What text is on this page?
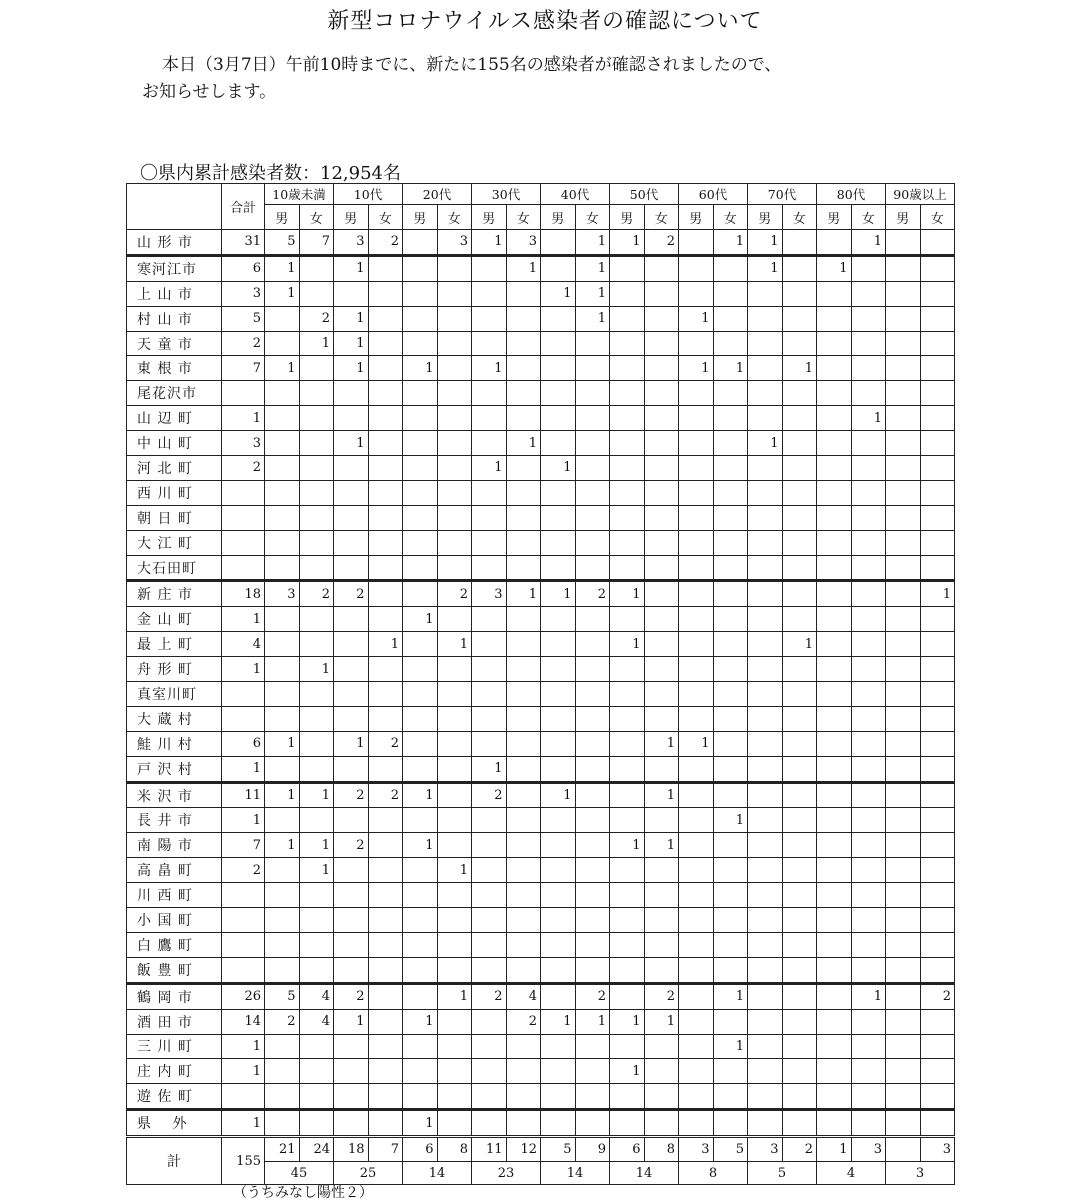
新型コロナウイルス感染者の確認について
本日（3月7日）午前10時までに、新たに155名の感染者が確認されましたので、
お知らせします。
〇県内累計感染者数：12,954名
	合計	10歳未満		10代		20代		30代		40代		50代		60代		70代		80代		90歳以上	
		男	女	男	女	男	女	男	女	男	女	男	女	男	女	男	女	男	女	男	女
山 形 市	31	5	7	3	2		3	1	3		1	1	2		1	1			1		
寒河江市	6	1		1					1		1					1		1			
上 山 市	3	1								1	1										
村 山 市	5		2	1							1			1							
天 童 市	2		1	1																	
東 根 市	7	1		1		1		1						1	1		1				
尾花沢市																					
山 辺 町	1																		1		
中 山 町	3			1					1							1					
河 北 町	2							1		1											
西 川 町																					
朝 日 町																					
大 江 町																					
大石田町																					
新 庄 市	18	3	2	2			2	3	1	1	2	1									1
金 山 町	1					1															
最 上 町	4				1		1					1					1				
舟 形 町	1		1																		
真室川町																					
大 蔵 村																					
鮭 川 村	6	1		1	2								1	1							
戸 沢 村	1							1													
米 沢 市	11	1	1	2	2	1		2		1			1								
長 井 市	1														1						
南 陽 市	7	1	1	2		1						1	1								
高 畠 町	2		1				1														
川 西 町																					
小 国 町																					
白 鷹 町																					
飯 豊 町																					
鶴 岡 市	26	5	4	2			1	2	4		2		2		1				1		2
酒 田 市	14	2	4	1		1			2	1	1	1	1								
三 川 町	1														1						
庄 内 町	1											1									
遊 佐 町																					
県　 外	1					1															
計	155	21	24	18	7	6	8	11	12	5	9	6	8	3	5	3	2	1	3		3
		45		25		14		23		14		14		8		5		4		3	
（うちみなし陽性２）
